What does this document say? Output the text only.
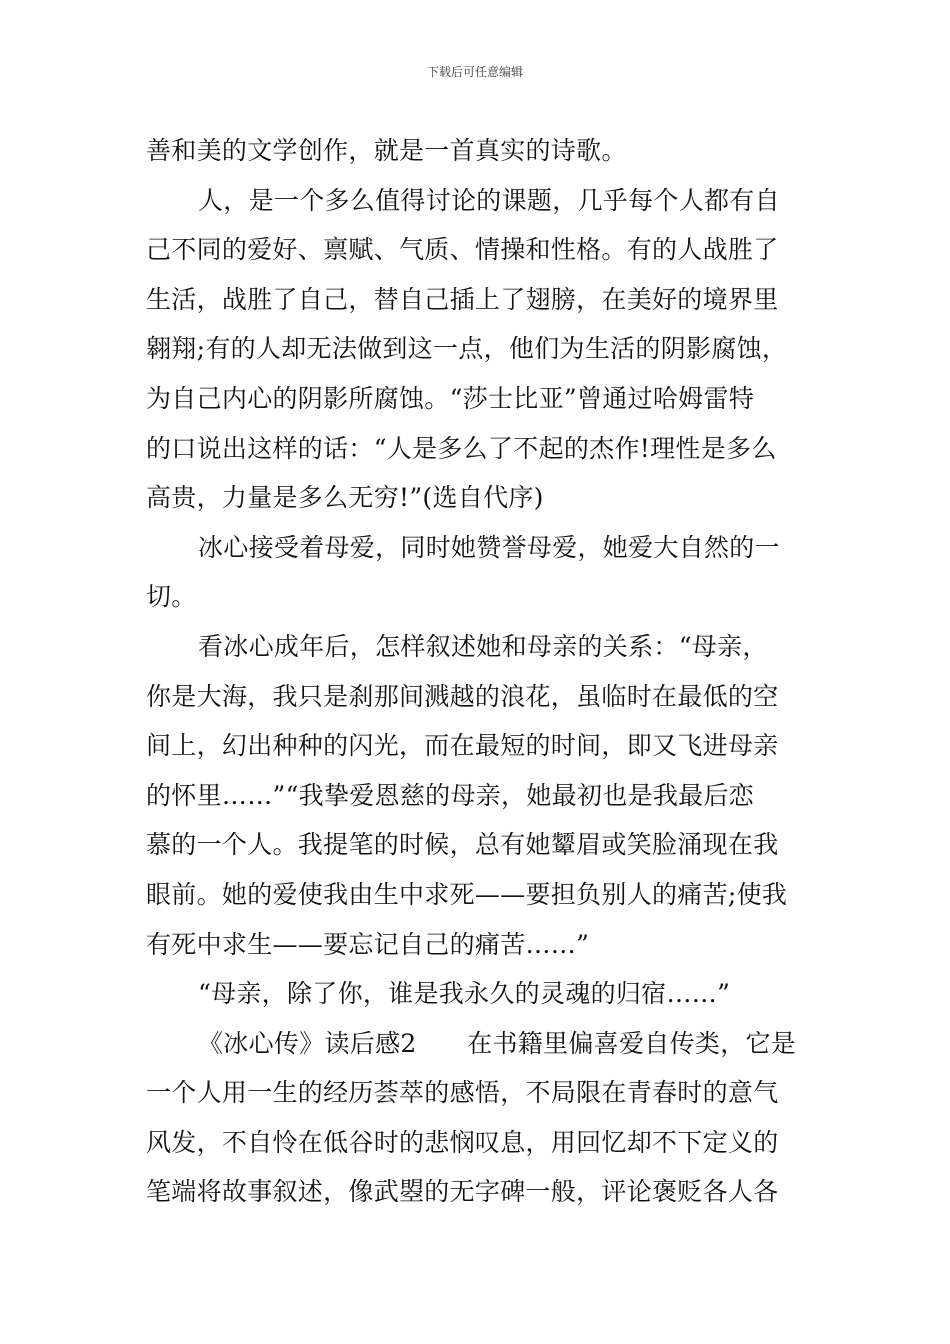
下载后可任意编辑
善和美的文学创作，就是一首真实的诗歌。
人，是一个多么值得讨论的课题，几乎每个人都有自
己不同的爱好、禀赋、气质、情操和性格。有的人战胜了
生活，战胜了自己，替自己插上了翅膀，在美好的境界里
翱翔;有的人却无法做到这一点，他们为生活的阴影腐蚀，
为自己内心的阴影所腐蚀。“莎士比亚”曾通过哈姆雷特
的口说出这样的话：“人是多么了不起的杰作!理性是多么
高贵，力量是多么无穷!”(选自代序)
冰心接受着母爱，同时她赞誉母爱，她爱大自然的一
切。
看冰心成年后，怎样叙述她和母亲的关系：“母亲，
你是大海，我只是刹那间溅越的浪花，虽临时在最低的空
间上，幻出种种的闪光，而在最短的时间，即又飞进母亲
的怀里……”“我挚爱恩慈的母亲，她最初也是我最后恋
慕的一个人。我提笔的时候，总有她颦眉或笑脸涌现在我
眼前。她的爱使我由生中求死——要担负别人的痛苦;使我
有死中求生——要忘记自己的痛苦……”
“母亲，除了你，谁是我永久的灵魂的归宿……”
《冰心传》读后感2　　在书籍里偏喜爱自传类，它是
一个人用一生的经历荟萃的感悟，不局限在青春时的意气
风发，不自怜在低谷时的悲悯叹息，用回忆却不下定义的
笔端将故事叙述，像武曌的无字碑一般，评论褒贬各人各
